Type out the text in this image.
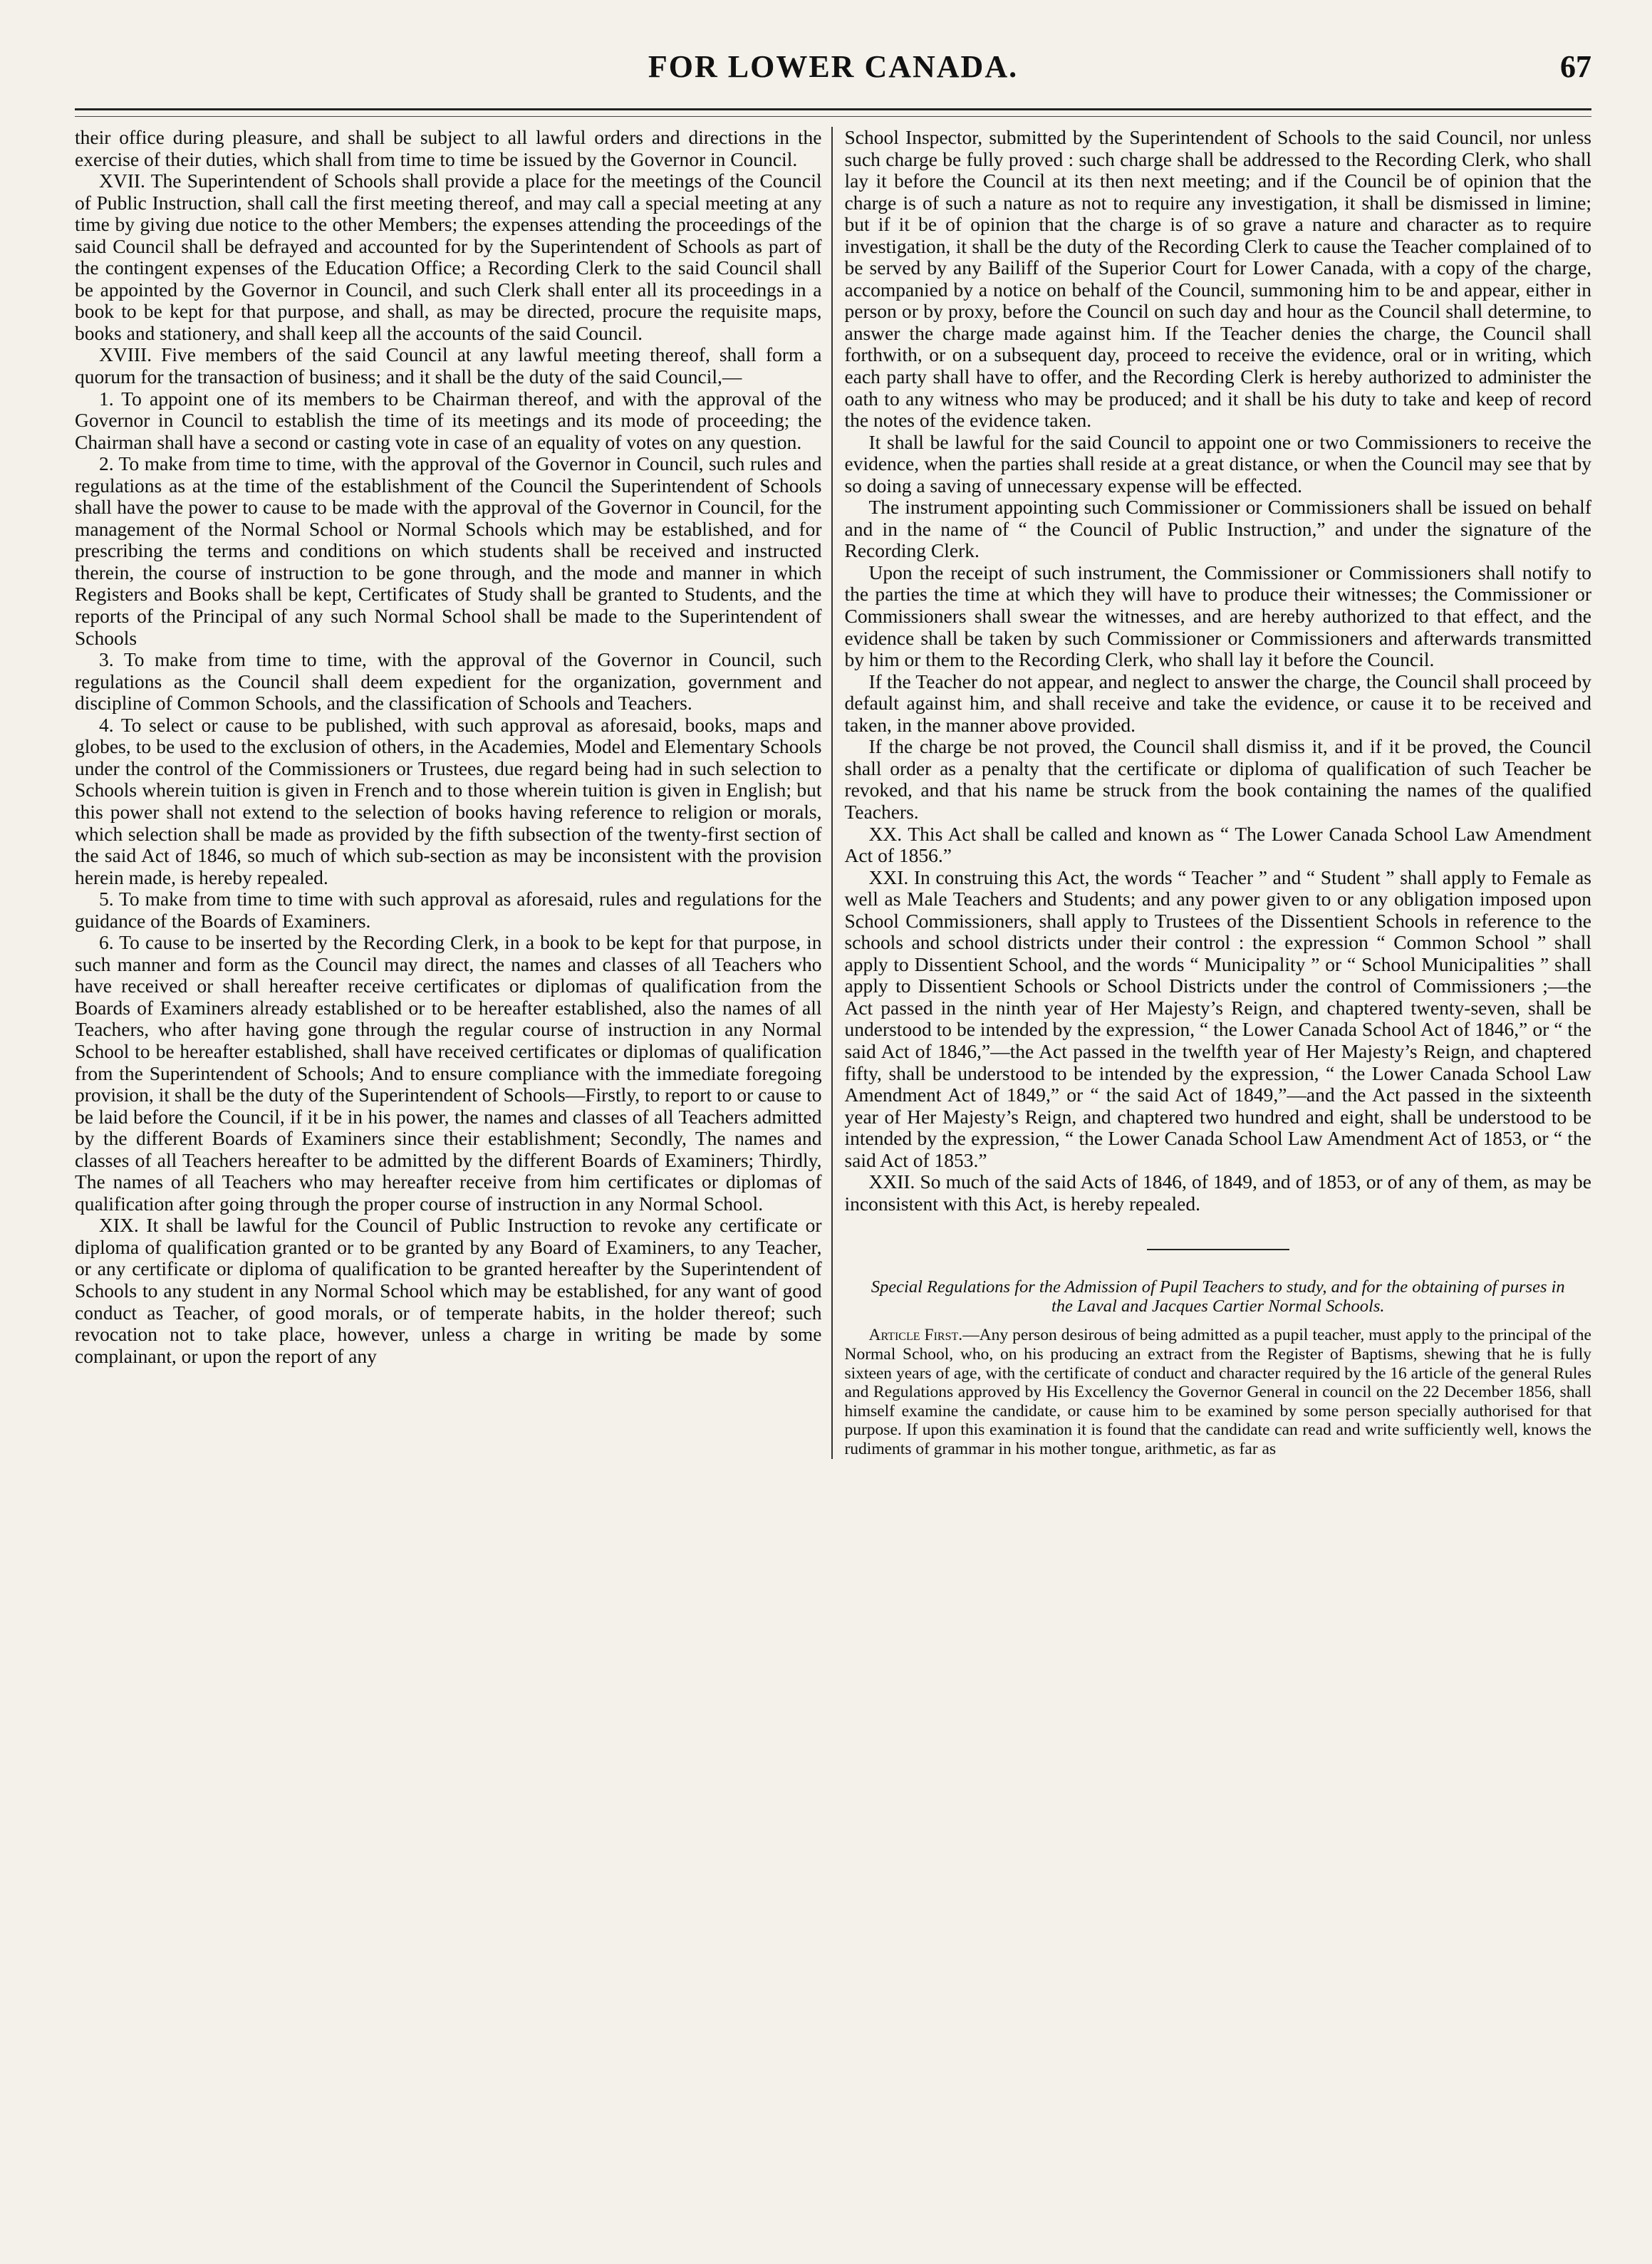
FOR LOWER CANADA.	67

their office during pleasure, and shall be subject to all lawful orders and directions in the exercise of their duties, which shall from time to time be issued by the Governor in Council.

XVII. The Superintendent of Schools shall provide a place for the meetings of the Council of Public Instruction, shall call the first meeting thereof, and may call a special meeting at any time by giving due notice to the other Members; the expenses attending the proceedings of the said Council shall be defrayed and accounted for by the Superintendent of Schools as part of the contingent expenses of the Education Office; a Recording Clerk to the said Council shall be appointed by the Governor in Council, and such Clerk shall enter all its proceedings in a book to be kept for that purpose, and shall, as may be directed, procure the requisite maps, books and stationery, and shall keep all the accounts of the said Council.

XVIII. Five members of the said Council at any lawful meeting thereof, shall form a quorum for the transaction of business; and it shall be the duty of the said Council,—

1. To appoint one of its members to be Chairman thereof, and with the approval of the Governor in Council to establish the time of its meetings and its mode of proceeding; the Chairman shall have a second or casting vote in case of an equality of votes on any question.

2. To make from time to time, with the approval of the Governor in Council, such rules and regulations as at the time of the establishment of the Council the Superintendent of Schools shall have the power to cause to be made with the approval of the Governor in Council, for the management of the Normal School or Normal Schools which may be established, and for prescribing the terms and conditions on which students shall be received and instructed therein, the course of instruction to be gone through, and the mode and manner in which Registers and Books shall be kept, Certificates of Study shall be granted to Students, and the reports of the Principal of any such Normal School shall be made to the Superintendent of Schools

3. To make from time to time, with the approval of the Governor in Council, such regulations as the Council shall deem expedient for the organization, government and discipline of Common Schools, and the classification of Schools and Teachers.

4. To select or cause to be published, with such approval as aforesaid, books, maps and globes, to be used to the exclusion of others, in the Academies, Model and Elementary Schools under the control of the Commissioners or Trustees, due regard being had in such selection to Schools wherein tuition is given in French and to those wherein tuition is given in English; but this power shall not extend to the selection of books having reference to religion or morals, which selection shall be made as provided by the fifth subsection of the twenty-first section of the said Act of 1846, so much of which sub-section as may be inconsistent with the provision herein made, is hereby repealed.

5. To make from time to time with such approval as aforesaid, rules and regulations for the guidance of the Boards of Examiners.

6. To cause to be inserted by the Recording Clerk, in a book to be kept for that purpose, in such manner and form as the Council may direct, the names and classes of all Teachers who have received or shall hereafter receive certificates or diplomas of qualification from the Boards of Examiners already established or to be hereafter established, also the names of all Teachers, who after having gone through the regular course of instruction in any Normal School to be hereafter established, shall have received certificates or diplomas of qualification from the Superintendent of Schools; And to ensure compliance with the immediate foregoing provision, it shall be the duty of the Superintendent of Schools—Firstly, to report to or cause to be laid before the Council, if it be in his power, the names and classes of all Teachers admitted by the different Boards of Examiners since their establishment; Secondly, The names and classes of all Teachers hereafter to be admitted by the different Boards of Examiners; Thirdly, The names of all Teachers who may hereafter receive from him certificates or diplomas of qualification after going through the proper course of instruction in any Normal School.

XIX. It shall be lawful for the Council of Public Instruction to revoke any certificate or diploma of qualification granted or to be granted by any Board of Examiners, to any Teacher, or any certificate or diploma of qualification to be granted hereafter by the Superintendent of Schools to any student in any Normal School which may be established, for any want of good conduct as Teacher, of good morals, or of temperate habits, in the holder thereof; such revocation not to take place, however, unless a charge in writing be made by some complainant, or upon the report of any

School Inspector, submitted by the Superintendent of Schools to the said Council, nor unless such charge be fully proved : such charge shall be addressed to the Recording Clerk, who shall lay it before the Council at its then next meeting; and if the Council be of opinion that the charge is of such a nature as not to require any investigation, it shall be dismissed in limine; but if it be of opinion that the charge is of so grave a nature and character as to require investigation, it shall be the duty of the Recording Clerk to cause the Teacher complained of to be served by any Bailiff of the Superior Court for Lower Canada, with a copy of the charge, accompanied by a notice on behalf of the Council, summoning him to be and appear, either in person or by proxy, before the Council on such day and hour as the Council shall determine, to answer the charge made against him. If the Teacher denies the charge, the Council shall forthwith, or on a subsequent day, proceed to receive the evidence, oral or in writing, which each party shall have to offer, and the Recording Clerk is hereby authorized to administer the oath to any witness who may be produced; and it shall be his duty to take and keep of record the notes of the evidence taken.

It shall be lawful for the said Council to appoint one or two Commissioners to receive the evidence, when the parties shall reside at a great distance, or when the Council may see that by so doing a saving of unnecessary expense will be effected.

The instrument appointing such Commissioner or Commissioners shall be issued on behalf and in the name of “ the Council of Public Instruction,” and under the signature of the Recording Clerk.

Upon the receipt of such instrument, the Commissioner or Commissioners shall notify to the parties the time at which they will have to produce their witnesses; the Commissioner or Commissioners shall swear the witnesses, and are hereby authorized to that effect, and the evidence shall be taken by such Commissioner or Commissioners and afterwards transmitted by him or them to the Recording Clerk, who shall lay it before the Council.

If the Teacher do not appear, and neglect to answer the charge, the Council shall proceed by default against him, and shall receive and take the evidence, or cause it to be received and taken, in the manner above provided.

If the charge be not proved, the Council shall dismiss it, and if it be proved, the Council shall order as a penalty that the certificate or diploma of qualification of such Teacher be revoked, and that his name be struck from the book containing the names of the qualified Teachers.

XX. This Act shall be called and known as “ The Lower Canada School Law Amendment Act of 1856.”

XXI. In construing this Act, the words “ Teacher ” and “ Student ” shall apply to Female as well as Male Teachers and Students; and any power given to or any obligation imposed upon School Commissioners, shall apply to Trustees of the Dissentient Schools in reference to the schools and school districts under their control : the expression “ Common School ” shall apply to Dissentient School, and the words “ Municipality ” or “ School Municipalities ” shall apply to Dissentient Schools or School Districts under the control of Commissioners ;—the Act passed in the ninth year of Her Majesty’s Reign, and chaptered twenty-seven, shall be understood to be intended by the expression, “ the Lower Canada School Act of 1846,” or “ the said Act of 1846,”—the Act passed in the twelfth year of Her Majesty’s Reign, and chaptered fifty, shall be understood to be intended by the expression, “ the Lower Canada School Law Amendment Act of 1849,” or “ the said Act of 1849,”—and the Act passed in the sixteenth year of Her Majesty’s Reign, and chaptered two hundred and eight, shall be understood to be intended by the expression, “ the Lower Canada School Law Amendment Act of 1853, or “ the said Act of 1853.”

XXII. So much of the said Acts of 1846, of 1849, and of 1853, or of any of them, as may be inconsistent with this Act, is hereby repealed.

Special Regulations for the Admission of Pupil Teachers to study, and for the obtaining of purses in the Laval and Jacques Cartier Normal Schools.

Article First.—Any person desirous of being admitted as a pupil teacher, must apply to the principal of the Normal School, who, on his producing an extract from the Register of Baptisms, shewing that he is fully sixteen years of age, with the certificate of conduct and character required by the 16 article of the general Rules and Regulations approved by His Excellency the Governor General in council on the 22 December 1856, shall himself examine the candidate, or cause him to be examined by some person specially authorised for that purpose. If upon this examination it is found that the candidate can read and write sufficiently well, knows the rudiments of grammar in his mother tongue, arithmetic, as far as
